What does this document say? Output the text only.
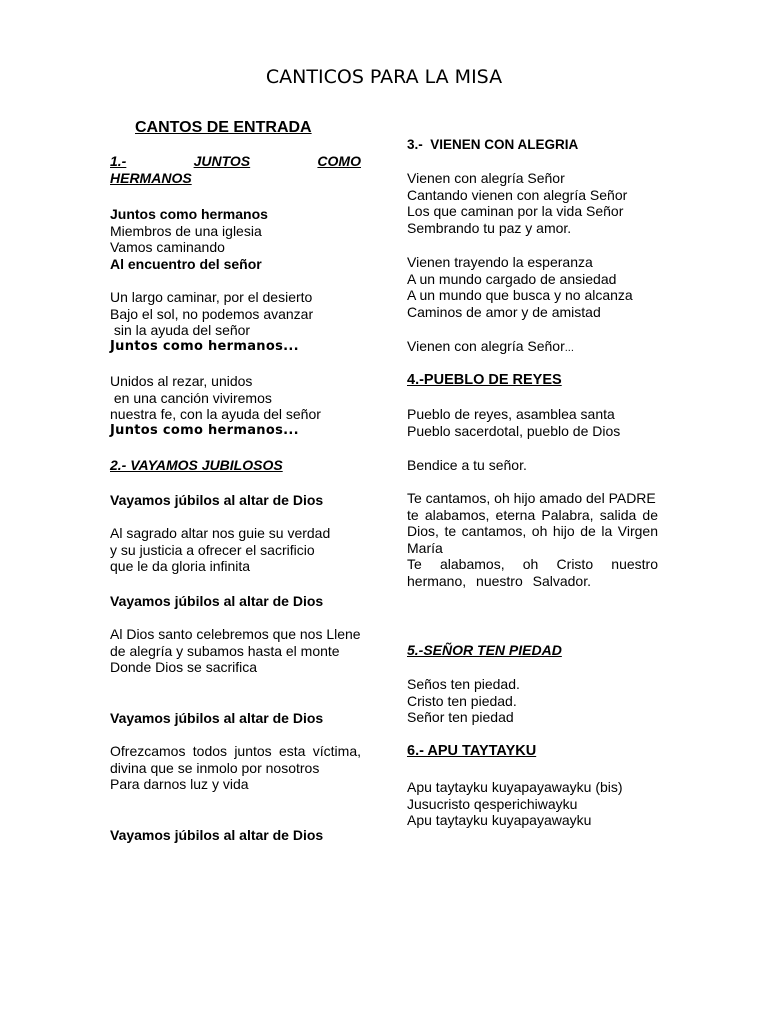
CANTICOS PARA LA MISA
CANTOS DE ENTRADA
1.-	JUNTOS	COMO
HERMANOS
Juntos como hermanos
Miembros de una iglesia
Vamos caminando
Al encuentro del señor
Un largo caminar, por el desierto
Bajo el sol, no podemos avanzar
sin la ayuda del señor
Juntos como hermanos...
Unidos al rezar, unidos
en una canción viviremos
nuestra fe, con la ayuda del señor
Juntos como hermanos...
2.- VAYAMOS JUBILOSOS
Vayamos júbilos al altar de Dios
Al sagrado altar nos guie su verdad
y su justicia a ofrecer el sacrificio
que le da gloria infinita
Vayamos júbilos al altar de Dios
Al Dios santo celebremos que nos Llene de alegría y subamos hasta el monte
Donde Dios se sacrifica
Vayamos júbilos al altar de Dios
Ofrezcamos todos juntos esta víctima, divina que se inmolo por nosotros
Para darnos luz y vida
Vayamos júbilos al altar de Dios
3.-  VIENEN CON ALEGRIA
Vienen con alegría Señor
Cantando vienen con alegría Señor
Los que caminan por la vida Señor
Sembrando tu paz y amor.
Vienen trayendo la esperanza
A un mundo cargado de ansiedad
A un mundo que busca y no alcanza
Caminos de amor y de amistad
Vienen con alegría Señor...
4.-PUEBLO DE REYES
Pueblo de reyes, asamblea santa
Pueblo sacerdotal, pueblo de Dios
Bendice a tu señor.
Te cantamos, oh hijo amado del PADRE
te alabamos, eterna Palabra, salida de Dios, te cantamos, oh hijo de la Virgen María
Te alabamos, oh Cristo nuestro hermano, nuestro Salvador.
5.-SEÑOR TEN PIEDAD
Seños ten piedad.
Cristo ten piedad.
Señor ten piedad
6.- APU TAYTAYKU
Apu taytayku kuyapayawayku (bis)
Jusucristo qesperichiwayku
Apu taytayku kuyapayawayku
